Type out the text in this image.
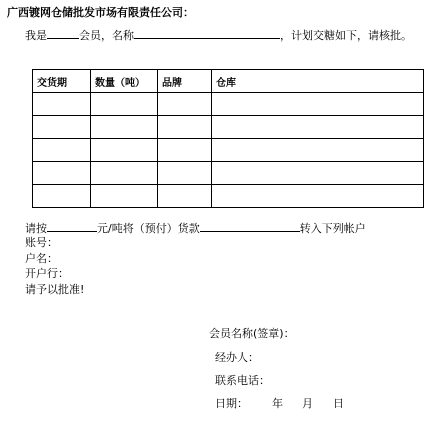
广西镀网仓储批发市场有限责任公司：
我是	会员，名称	，计划交糖如下，请核批。
交货期	数量（吨）	品牌	仓库

请按	元/吨将（预付）货款	转入下列帐户
账号：
户名：
开户行：
请予以批准!
会员名称(签章)：
经办人：
联系电话：
日期： 年 月 日
